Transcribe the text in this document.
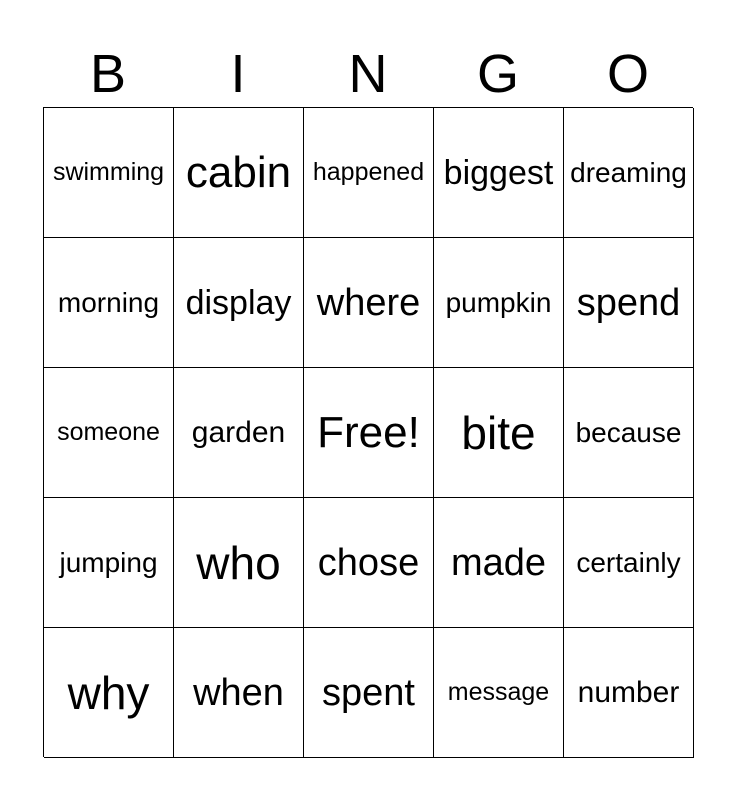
B	I	N	G	O
swimming cabin happened biggest dreaming
morning display where pumpkin spend
someone	garden Free! bite	because
jumping who chose made	certainly
why	when	spent	message number
